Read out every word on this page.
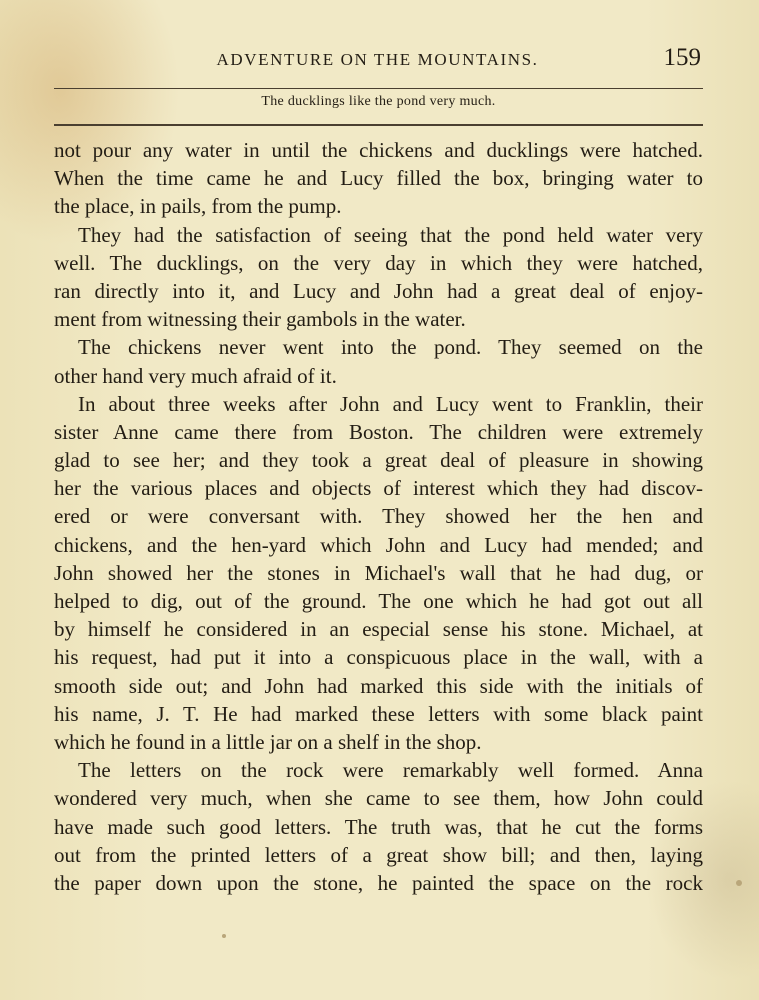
ADVENTURE ON THE MOUNTAINS.	159
The ducklings like the pond very much.
not pour any water in until the chickens and ducklings were hatched.
When the time came he and Lucy filled the box, bringing water to
the place, in pails, from the pump.
They had the satisfaction of seeing that the pond held water very
well. The ducklings, on the very day in which they were hatched,
ran directly into it, and Lucy and John had a great deal of enjoy-
ment from witnessing their gambols in the water.
The chickens never went into the pond. They seemed on the
other hand very much afraid of it.
In about three weeks after John and Lucy went to Franklin, their
sister Anne came there from Boston. The children were extremely
glad to see her; and they took a great deal of pleasure in showing
her the various places and objects of interest which they had discov-
ered or were conversant with. They showed her the hen and
chickens, and the hen-yard which John and Lucy had mended; and
John showed her the stones in Michael's wall that he had dug, or
helped to dig, out of the ground. The one which he had got out all
by himself he considered in an especial sense his stone. Michael, at
his request, had put it into a conspicuous place in the wall, with a
smooth side out; and John had marked this side with the initials of
his name, J. T. He had marked these letters with some black paint
which he found in a little jar on a shelf in the shop.
The letters on the rock were remarkably well formed. Anna
wondered very much, when she came to see them, how John could
have made such good letters. The truth was, that he cut the forms
out from the printed letters of a great show bill; and then, laying
the paper down upon the stone, he painted the space on the rock
